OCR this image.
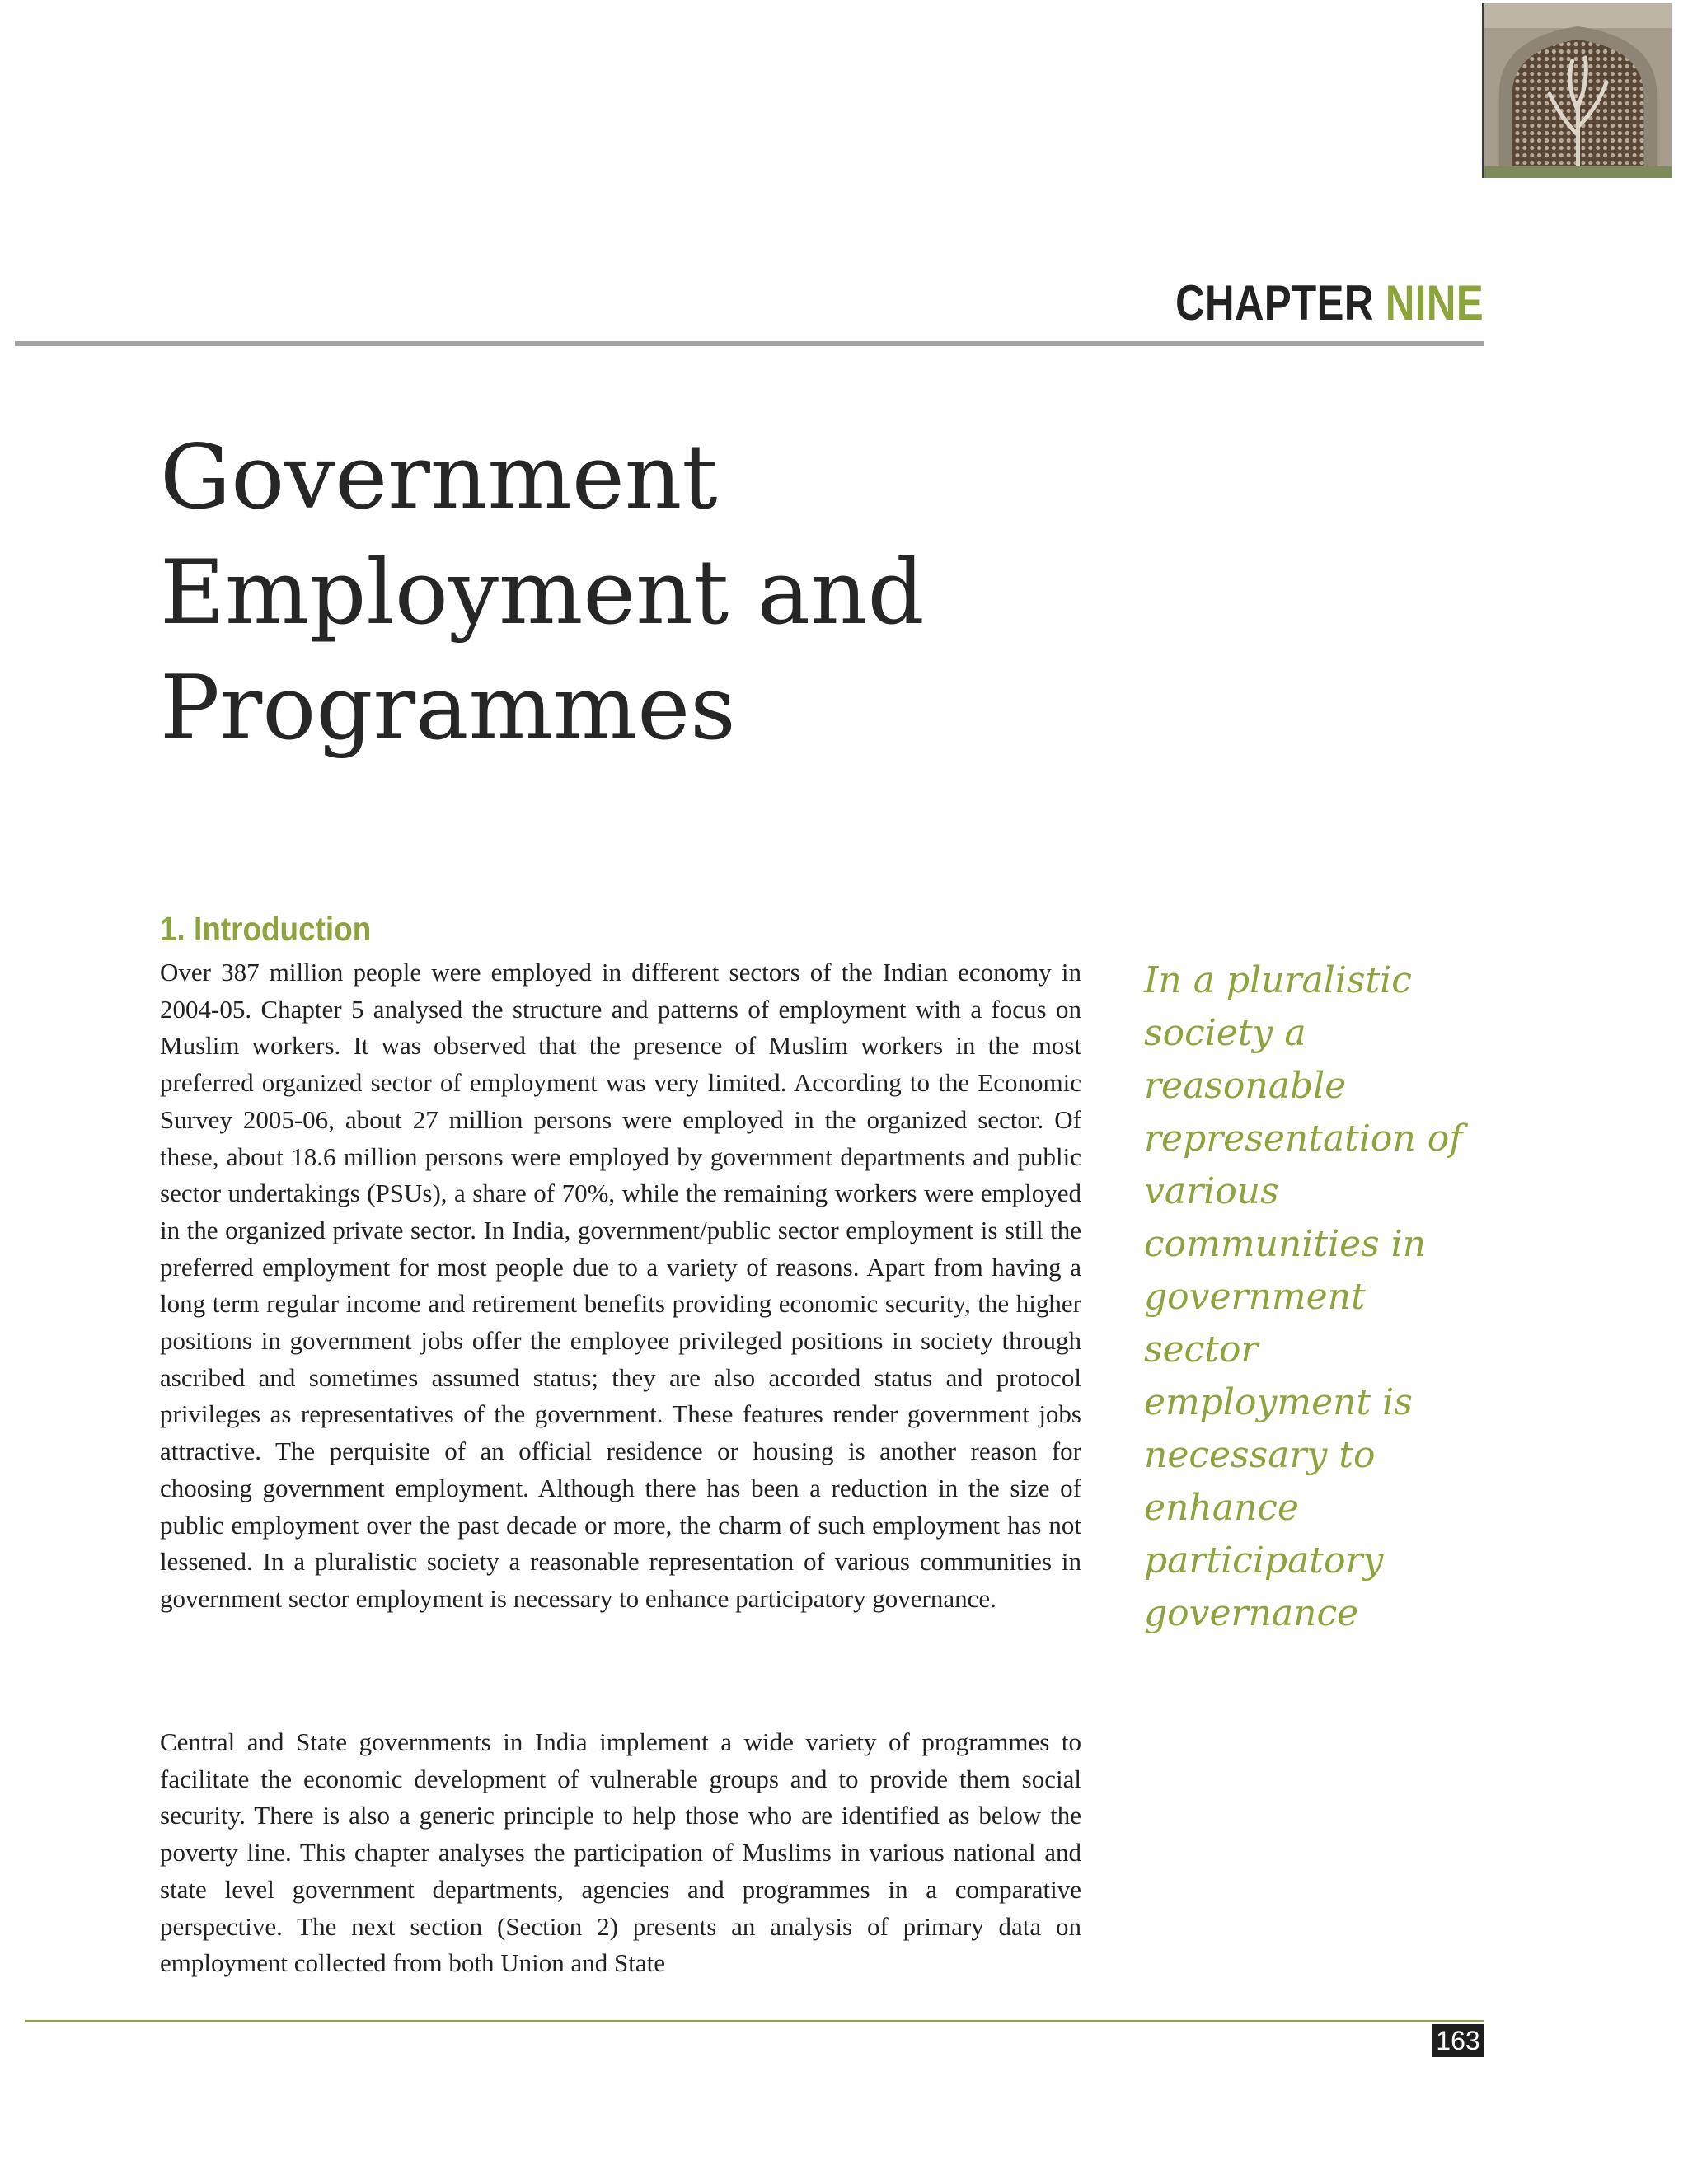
CHAPTER NINE
Government Employment and Programmes
1. Introduction

Over 387 million people were employed in different sectors of the Indian economy in 2004-05. Chapter 5 analysed the structure and patterns of employment with a focus on Muslim workers. It was observed that the presence of Muslim workers in the most preferred organized sector of employment was very limited. According to the Economic Survey 2005-06, about 27 million persons were employed in the organized sector. Of these, about 18.6 million persons were employed by government departments and public sector undertakings (PSUs), a share of 70%, while the remaining workers were employed in the organized private sector. In India, government/public sector employment is still the preferred employment for most people due to a variety of reasons. Apart from having a long term regular income and retirement benefits providing economic security, the higher positions in government jobs offer the employee privileged positions in society through ascribed and sometimes assumed status; they are also accorded status and protocol privileges as representatives of the government. These features render government jobs attractive. The perquisite of an official residence or housing is another reason for choosing government employment. Although there has been a reduction in the size of public employment over the past decade or more, the charm of such employment has not lessened. In a pluralistic society a reasonable representation of various communities in government sector employment is necessary to enhance participatory governance.

Central and State governments in India implement a wide variety of programmes to facilitate the economic development of vulnerable groups and to provide them social security. There is also a generic principle to help those who are identified as below the poverty line. This chapter analyses the participation of Muslims in various national and state level government departments, agencies and programmes in a comparative perspective. The next section (Section 2) presents an analysis of primary data on employment collected from both Union and State

In a pluralistic society a reasonable representation of various communities in government sector employment is necessary to enhance participatory governance

163
